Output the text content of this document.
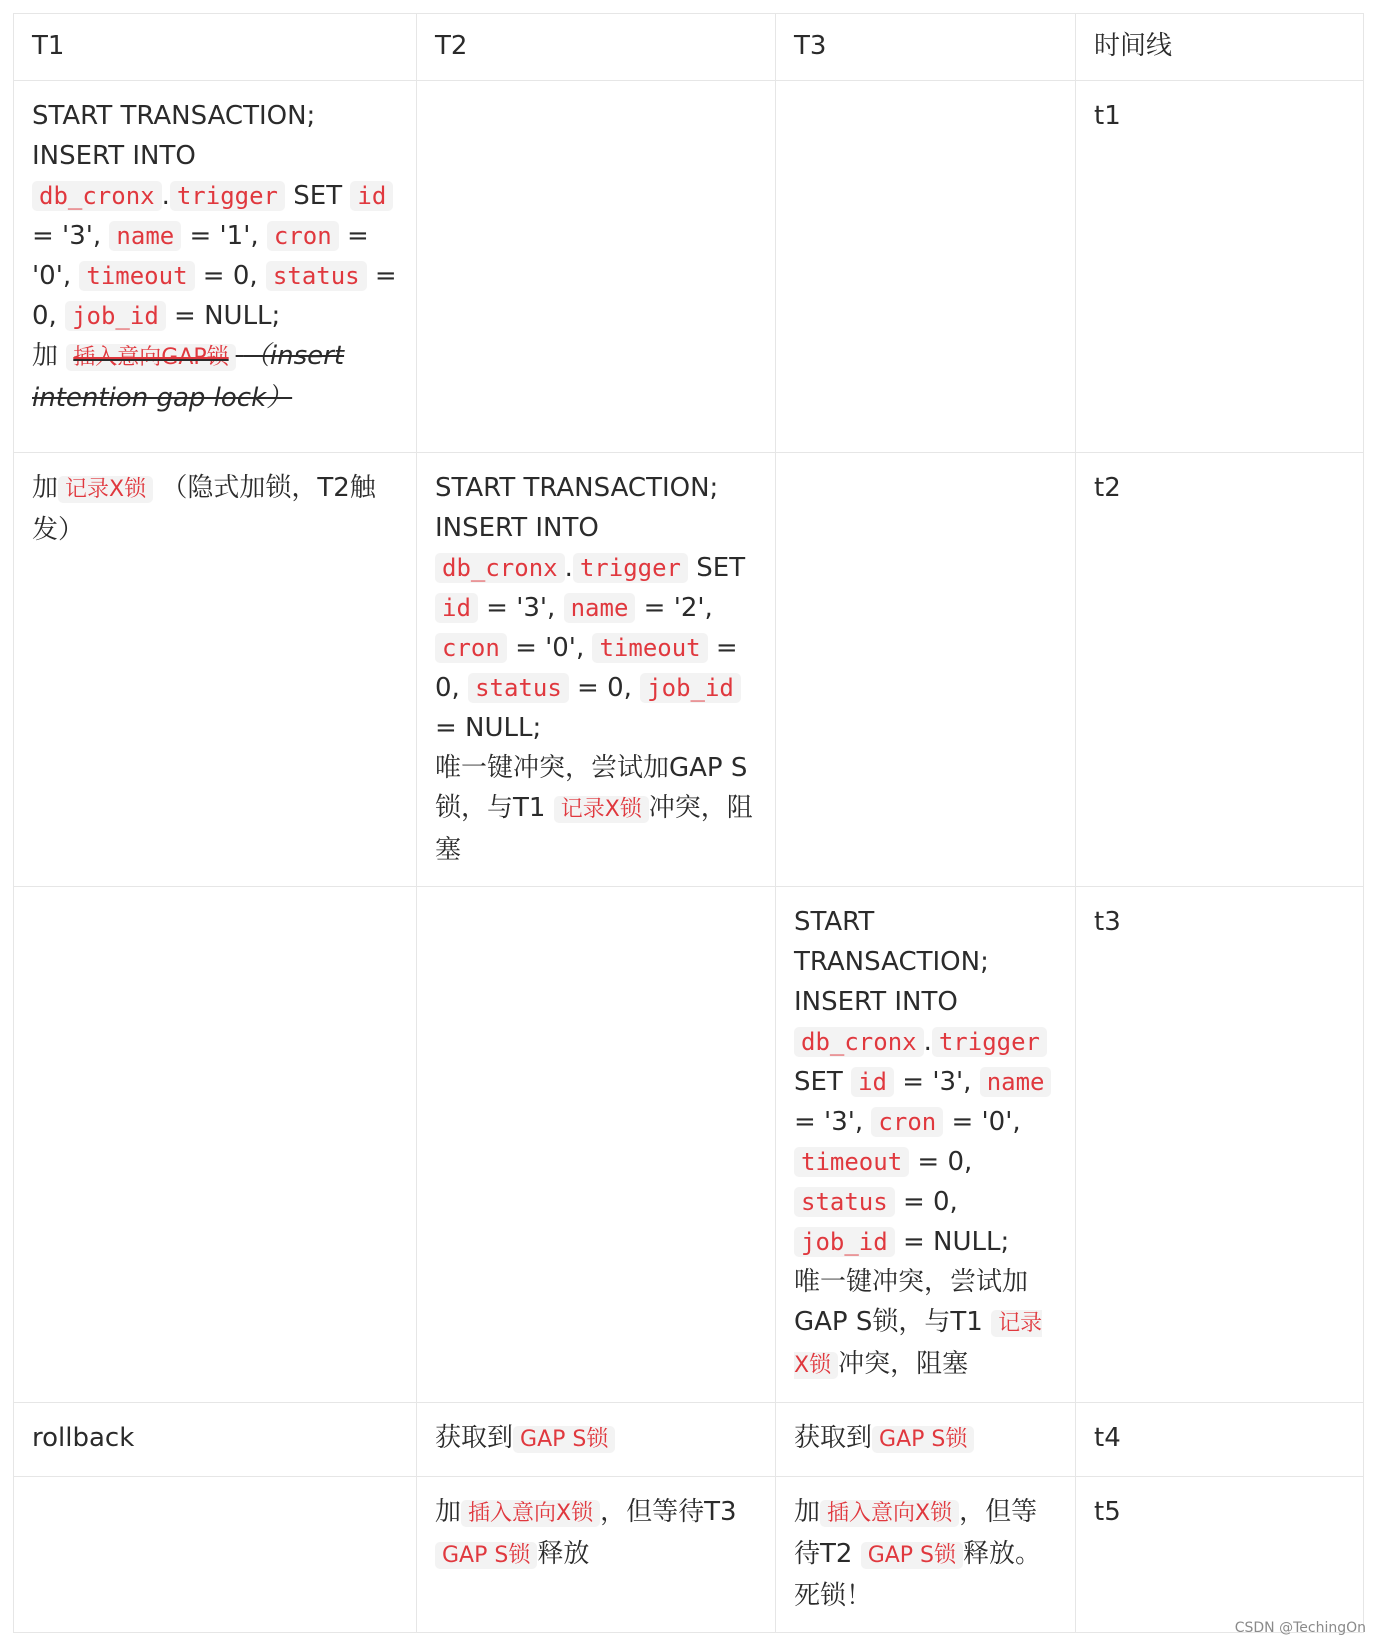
T1	T2	T3	时间线
START TRANSACTION;
INSERT INTO
db_cronx . trigger SET id = '3', name = '1', cron = '0', timeout = 0, status = 0, job_id = NULL;
加 插入意向GAP锁 （insert intention gap lock）			t1
加 记录X锁 （隐式加锁，T2触发）	START TRANSACTION;
INSERT INTO
db_cronx . trigger SET id = '3', name = '2', cron = '0', timeout = 0, status = 0, job_id = NULL;
唯一键冲突，尝试加GAP S锁，与T1 记录X锁 冲突，阻塞		t2
		START TRANSACTION;
INSERT INTO
db_cronx . trigger SET id = '3', name = '3', cron = '0', timeout = 0, status = 0, job_id = NULL;
唯一键冲突，尝试加GAP S锁，与T1 记录X锁 冲突，阻塞	t3
rollback	获取到 GAP S锁	获取到 GAP S锁	t4
	加 插入意向X锁 ，但等待T3 GAP S锁 释放	加 插入意向X锁 ，但等待T2 GAP S锁 释放。死锁！	t5
CSDN @TechingOn
